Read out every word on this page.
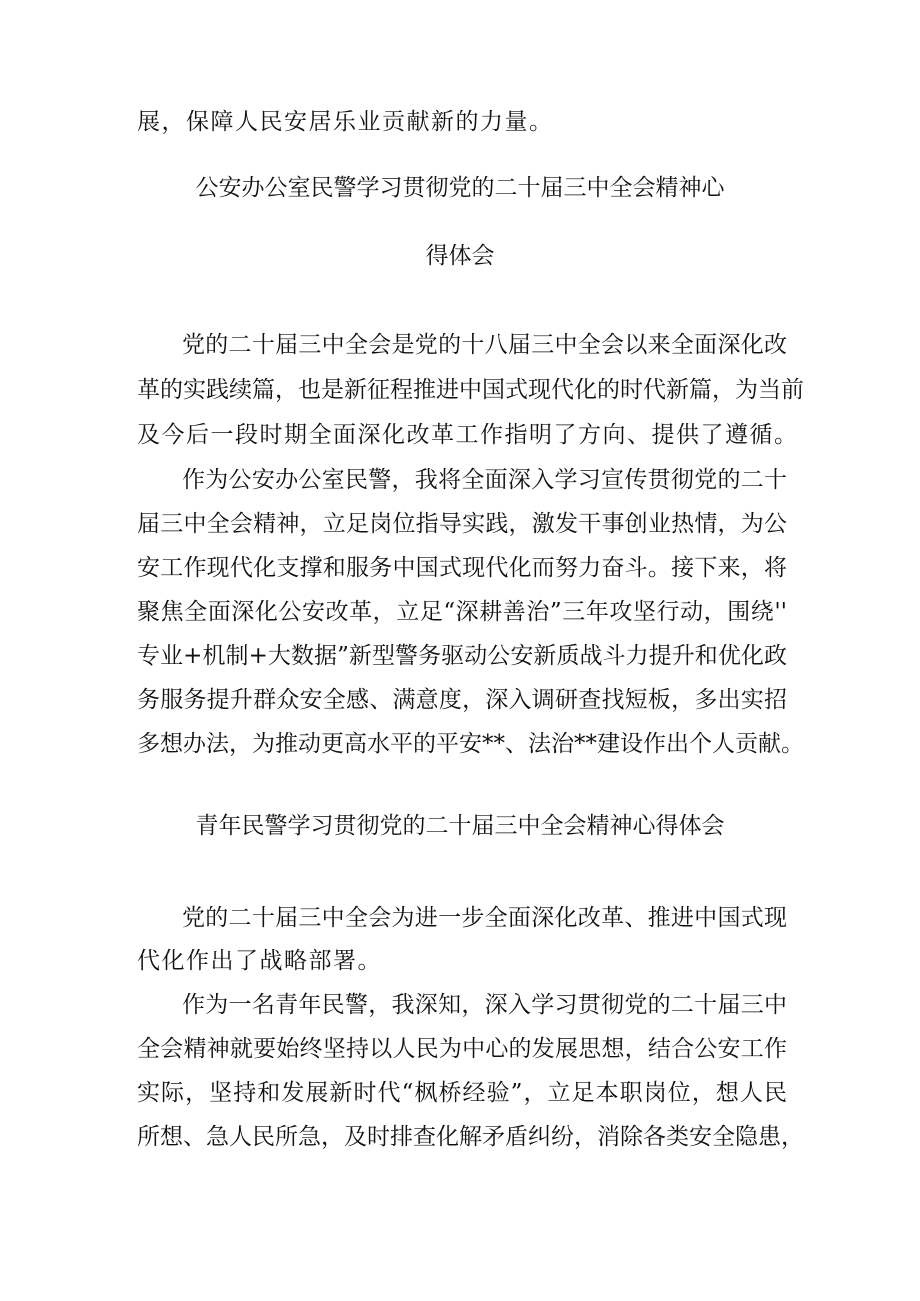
展，保障人民安居乐业贡献新的力量。
公安办公室民警学习贯彻党的二十届三中全会精神心
得体会
党的二十届三中全会是党的十八届三中全会以来全面深化改
革的实践续篇，也是新征程推进中国式现代化的时代新篇，为当前
及今后一段时期全面深化改革工作指明了方向、提供了遵循。
作为公安办公室民警，我将全面深入学习宣传贯彻党的二十
届三中全会精神，立足岗位指导实践，激发干事创业热情，为公
安工作现代化支撑和服务中国式现代化而努力奋斗。接下来，将
聚焦全面深化公安改革，立足“深耕善治”三年攻坚行动，围绕''
专业+机制+大数据”新型警务驱动公安新质战斗力提升和优化政
务服务提升群众安全感、满意度，深入调研查找短板，多出实招
多想办法，为推动更高水平的平安**、法治**建设作出个人贡献。
青年民警学习贯彻党的二十届三中全会精神心得体会
党的二十届三中全会为进一步全面深化改革、推进中国式现
代化作出了战略部署。
作为一名青年民警，我深知，深入学习贯彻党的二十届三中
全会精神就要始终坚持以人民为中心的发展思想，结合公安工作
实际，坚持和发展新时代“枫桥经验”，立足本职岗位，想人民
所想、急人民所急，及时排查化解矛盾纠纷，消除各类安全隐患，
